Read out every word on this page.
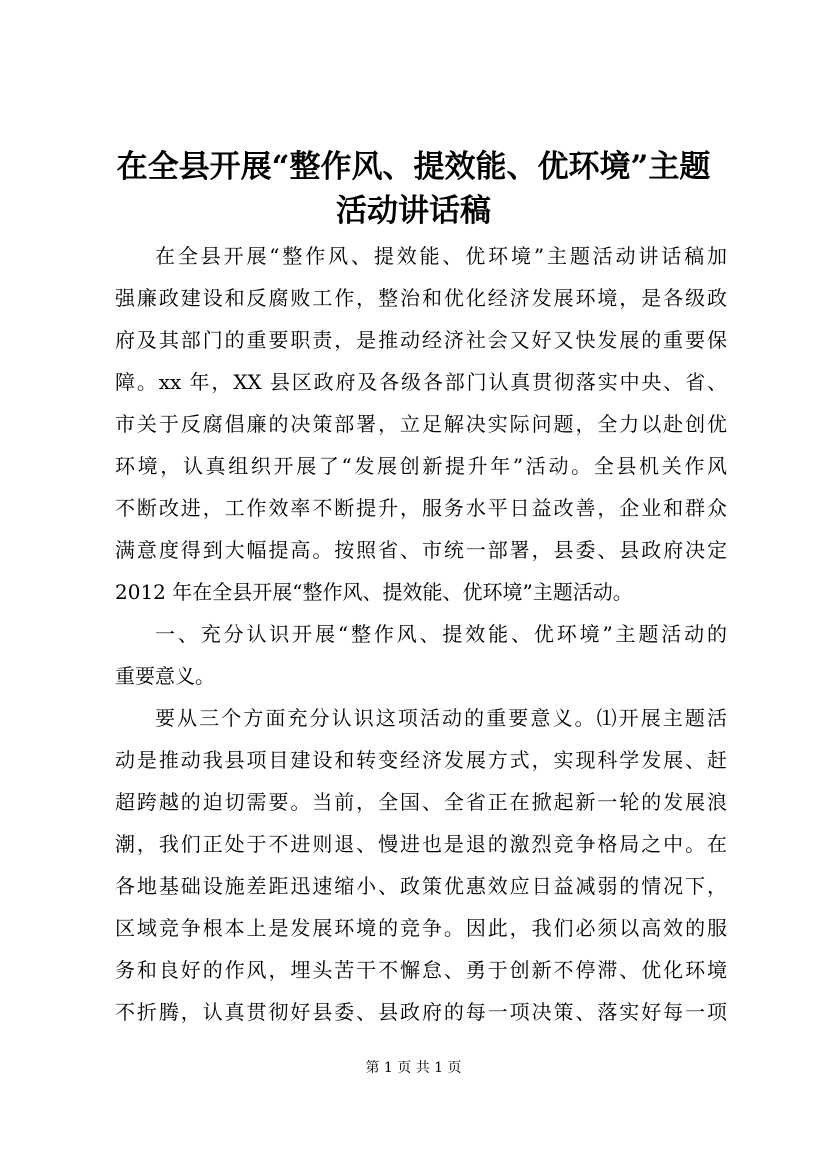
在全县开展“整作风、提效能、优环境”主题
活动讲话稿
在全县开展“整作风、提效能、优环境”主题活动讲话稿加
强廉政建设和反腐败工作，整治和优化经济发展环境，是各级政
府及其部门的重要职责，是推动经济社会又好又快发展的重要保
障。xx 年，XX 县区政府及各级各部门认真贯彻落实中央、省、
市关于反腐倡廉的决策部署，立足解决实际问题，全力以赴创优
环境，认真组织开展了“发展创新提升年”活动。全县机关作风
不断改进，工作效率不断提升，服务水平日益改善，企业和群众
满意度得到大幅提高。按照省、市统一部署，县委、县政府决定
2012 年在全县开展“整作风、提效能、优环境”主题活动。
一、充分认识开展“整作风、提效能、优环境”主题活动的
重要意义。
要从三个方面充分认识这项活动的重要意义。⑴开展主题活
动是推动我县项目建设和转变经济发展方式，实现科学发展、赶
超跨越的迫切需要。当前，全国、全省正在掀起新一轮的发展浪
潮，我们正处于不进则退、慢进也是退的激烈竞争格局之中。在
各地基础设施差距迅速缩小、政策优惠效应日益减弱的情况下，
区域竞争根本上是发展环境的竞争。因此，我们必须以高效的服
务和良好的作风，埋头苦干不懈怠、勇于创新不停滞、优化环境
不折腾，认真贯彻好县委、县政府的每一项决策、落实好每一项
第 1 页 共 1 页
